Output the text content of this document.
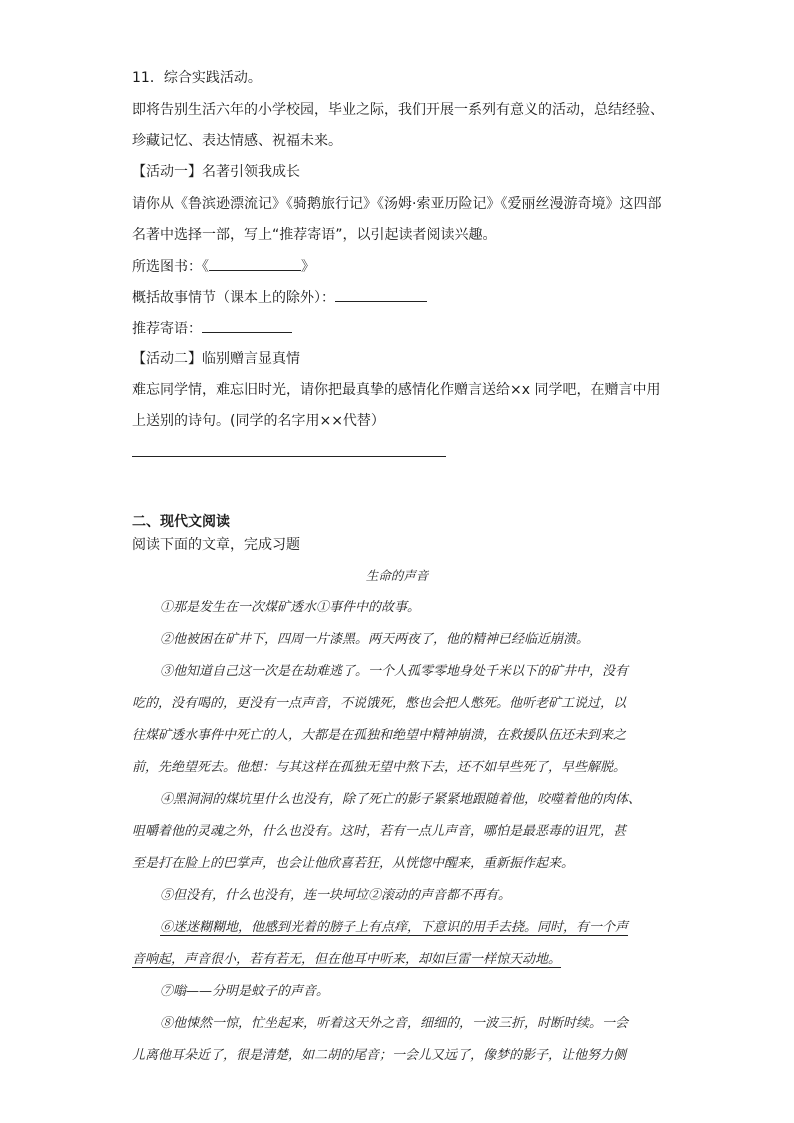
11．综合实践活动。
即将告别生活六年的小学校园，毕业之际，我们开展一系列有意义的活动，总结经验、
珍藏记忆、表达情感、祝福未来。
【活动一】名著引领我成长
请你从《鲁滨逊漂流记》《骑鹅旅行记》《汤姆·索亚历险记》《爱丽丝漫游奇境》这四部
名著中选择一部，写上“推荐寄语”，以引起读者阅读兴趣。
所选图书：《	》
概括故事情节（课本上的除外）：
推荐寄语：
【活动二】临别赠言显真情
难忘同学情，难忘旧时光，请你把最真挚的感情化作赠言送给×x 同学吧，在赠言中用
上送别的诗句。(同学的名字用××代替）
二、现代文阅读
阅读下面的文章，完成习题
生命的声音
①那是发生在一次煤矿透水①事件中的故事。
②他被困在矿井下，四周一片漆黑。两天两夜了，他的精神已经临近崩溃。
③他知道自己这一次是在劫难逃了。一个人孤零零地身处千米以下的矿井中，没有
吃的，没有喝的，更没有一点声音，不说饿死，憋也会把人憋死。他听老矿工说过，以
往煤矿透水事件中死亡的人，大都是在孤独和绝望中精神崩溃，在救援队伍还未到来之
前，先绝望死去。他想：与其这样在孤独无望中熬下去，还不如早些死了，早些解脱。
④黑洞洞的煤坑里什么也没有，除了死亡的影子紧紧地跟随着他，咬噬着他的肉体、
咀嚼着他的灵魂之外，什么也没有。这时，若有一点儿声音，哪怕是最恶毒的诅咒，甚
至是打在脸上的巴掌声，也会让他欣喜若狂，从恍惚中醒来，重新振作起来。
⑤但没有，什么也没有，连一块坷垃②滚动的声音都不再有。
⑥迷迷糊糊地，他感到光着的膀子上有点痒，下意识的用手去挠。同时，有一个声
音响起，声音很小，若有若无，但在他耳中听来，却如巨雷一样惊天动地。
⑦嗡——分明是蚊子的声音。
⑧他悚然一惊，忙坐起来，听着这天外之音，细细的，一波三折，时断时续。一会
儿离他耳朵近了，很是清楚，如二胡的尾音；一会儿又远了，像梦的影子，让他努力侧
